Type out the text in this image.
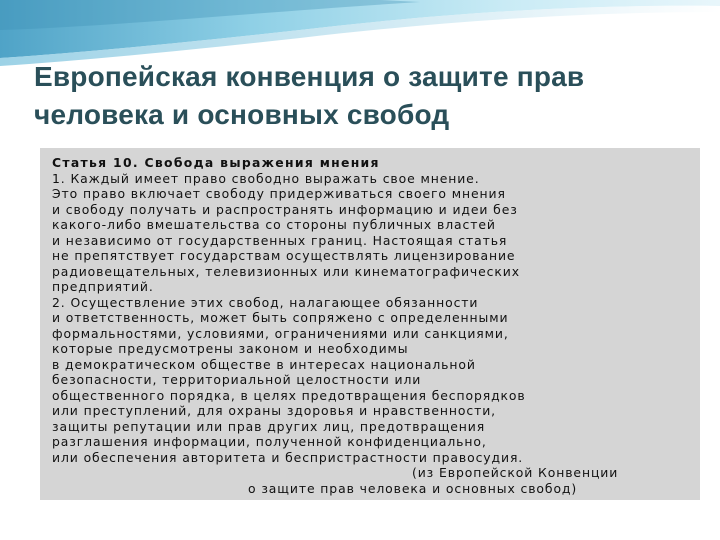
Европейская конвенция о защите прав
человека и основных свобод
Статья 10. Свобода выражения мнения
1. Каждый имеет право свободно выражать свое мнение.
Это право включает свободу придерживаться своего мнения
и свободу получать и распространять информацию и идеи без
какого-либо вмешательства со стороны публичных властей
и независимо от государственных границ. Настоящая статья
не препятствует государствам осуществлять лицензирование
радиовещательных, телевизионных или кинематографических
предприятий.
2. Осуществление этих свобод, налагающее обязанности
и ответственность, может быть сопряжено с определенными
формальностями, условиями, ограничениями или санкциями,
которые предусмотрены законом и необходимы
в демократическом обществе в интересах национальной
безопасности, территориальной целостности или
общественного порядка, в целях предотвращения беспорядков
или преступлений, для охраны здоровья и нравственности,
защиты репутации или прав других лиц, предотвращения
разглашения информации, полученной конфиденциально,
или обеспечения авторитета и беспристрастности правосудия.
(из Европейской Конвенции
о защите прав человека и основных свобод)
